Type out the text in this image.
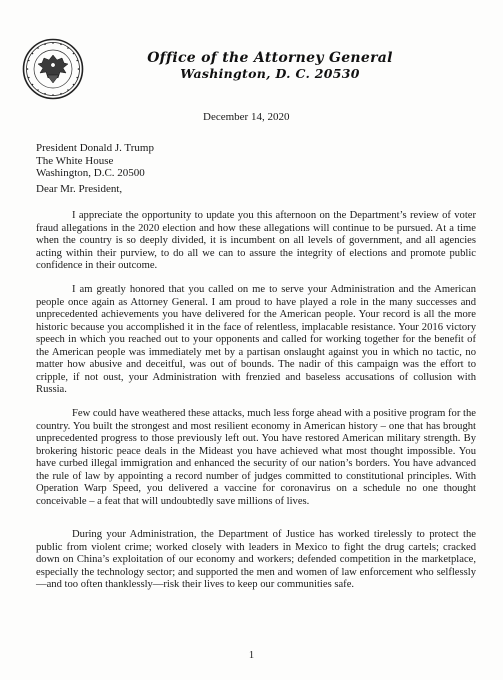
Office of the Attorney General
Washington, D. C. 20530
December 14, 2020
President Donald J. Trump
The White House
Washington, D.C. 20500
Dear Mr. President,

I appreciate the opportunity to update you this afternoon on the Department’s review of voter fraud allegations in the 2020 election and how these allegations will continue to be pursued. At a time when the country is so deeply divided, it is incumbent on all levels of government, and all agencies acting within their purview, to do all we can to assure the integrity of elections and promote public confidence in their outcome.

I am greatly honored that you called on me to serve your Administration and the American people once again as Attorney General. I am proud to have played a role in the many successes and unprecedented achievements you have delivered for the American people. Your record is all the more historic because you accomplished it in the face of relentless, implacable resistance. Your 2016 victory speech in which you reached out to your opponents and called for working together for the benefit of the American people was immediately met by a partisan onslaught against you in which no tactic, no matter how abusive and deceitful, was out of bounds. The nadir of this campaign was the effort to cripple, if not oust, your Administration with frenzied and baseless accusations of collusion with Russia.

Few could have weathered these attacks, much less forge ahead with a positive program for the country. You built the strongest and most resilient economy in American history – one that has brought unprecedented progress to those previously left out. You have restored American military strength. By brokering historic peace deals in the Mideast you have achieved what most thought impossible. You have curbed illegal immigration and enhanced the security of our nation’s borders. You have advanced the rule of law by appointing a record number of judges committed to constitutional principles. With Operation Warp Speed, you delivered a vaccine for coronavirus on a schedule no one thought conceivable – a feat that will undoubtedly save millions of lives.

During your Administration, the Department of Justice has worked tirelessly to protect the public from violent crime; worked closely with leaders in Mexico to fight the drug cartels; cracked down on China’s exploitation of our economy and workers; defended competition in the marketplace, especially the technology sector; and supported the men and women of law enforcement who selflessly—and too often thanklessly—risk their lives to keep our communities safe.

1
